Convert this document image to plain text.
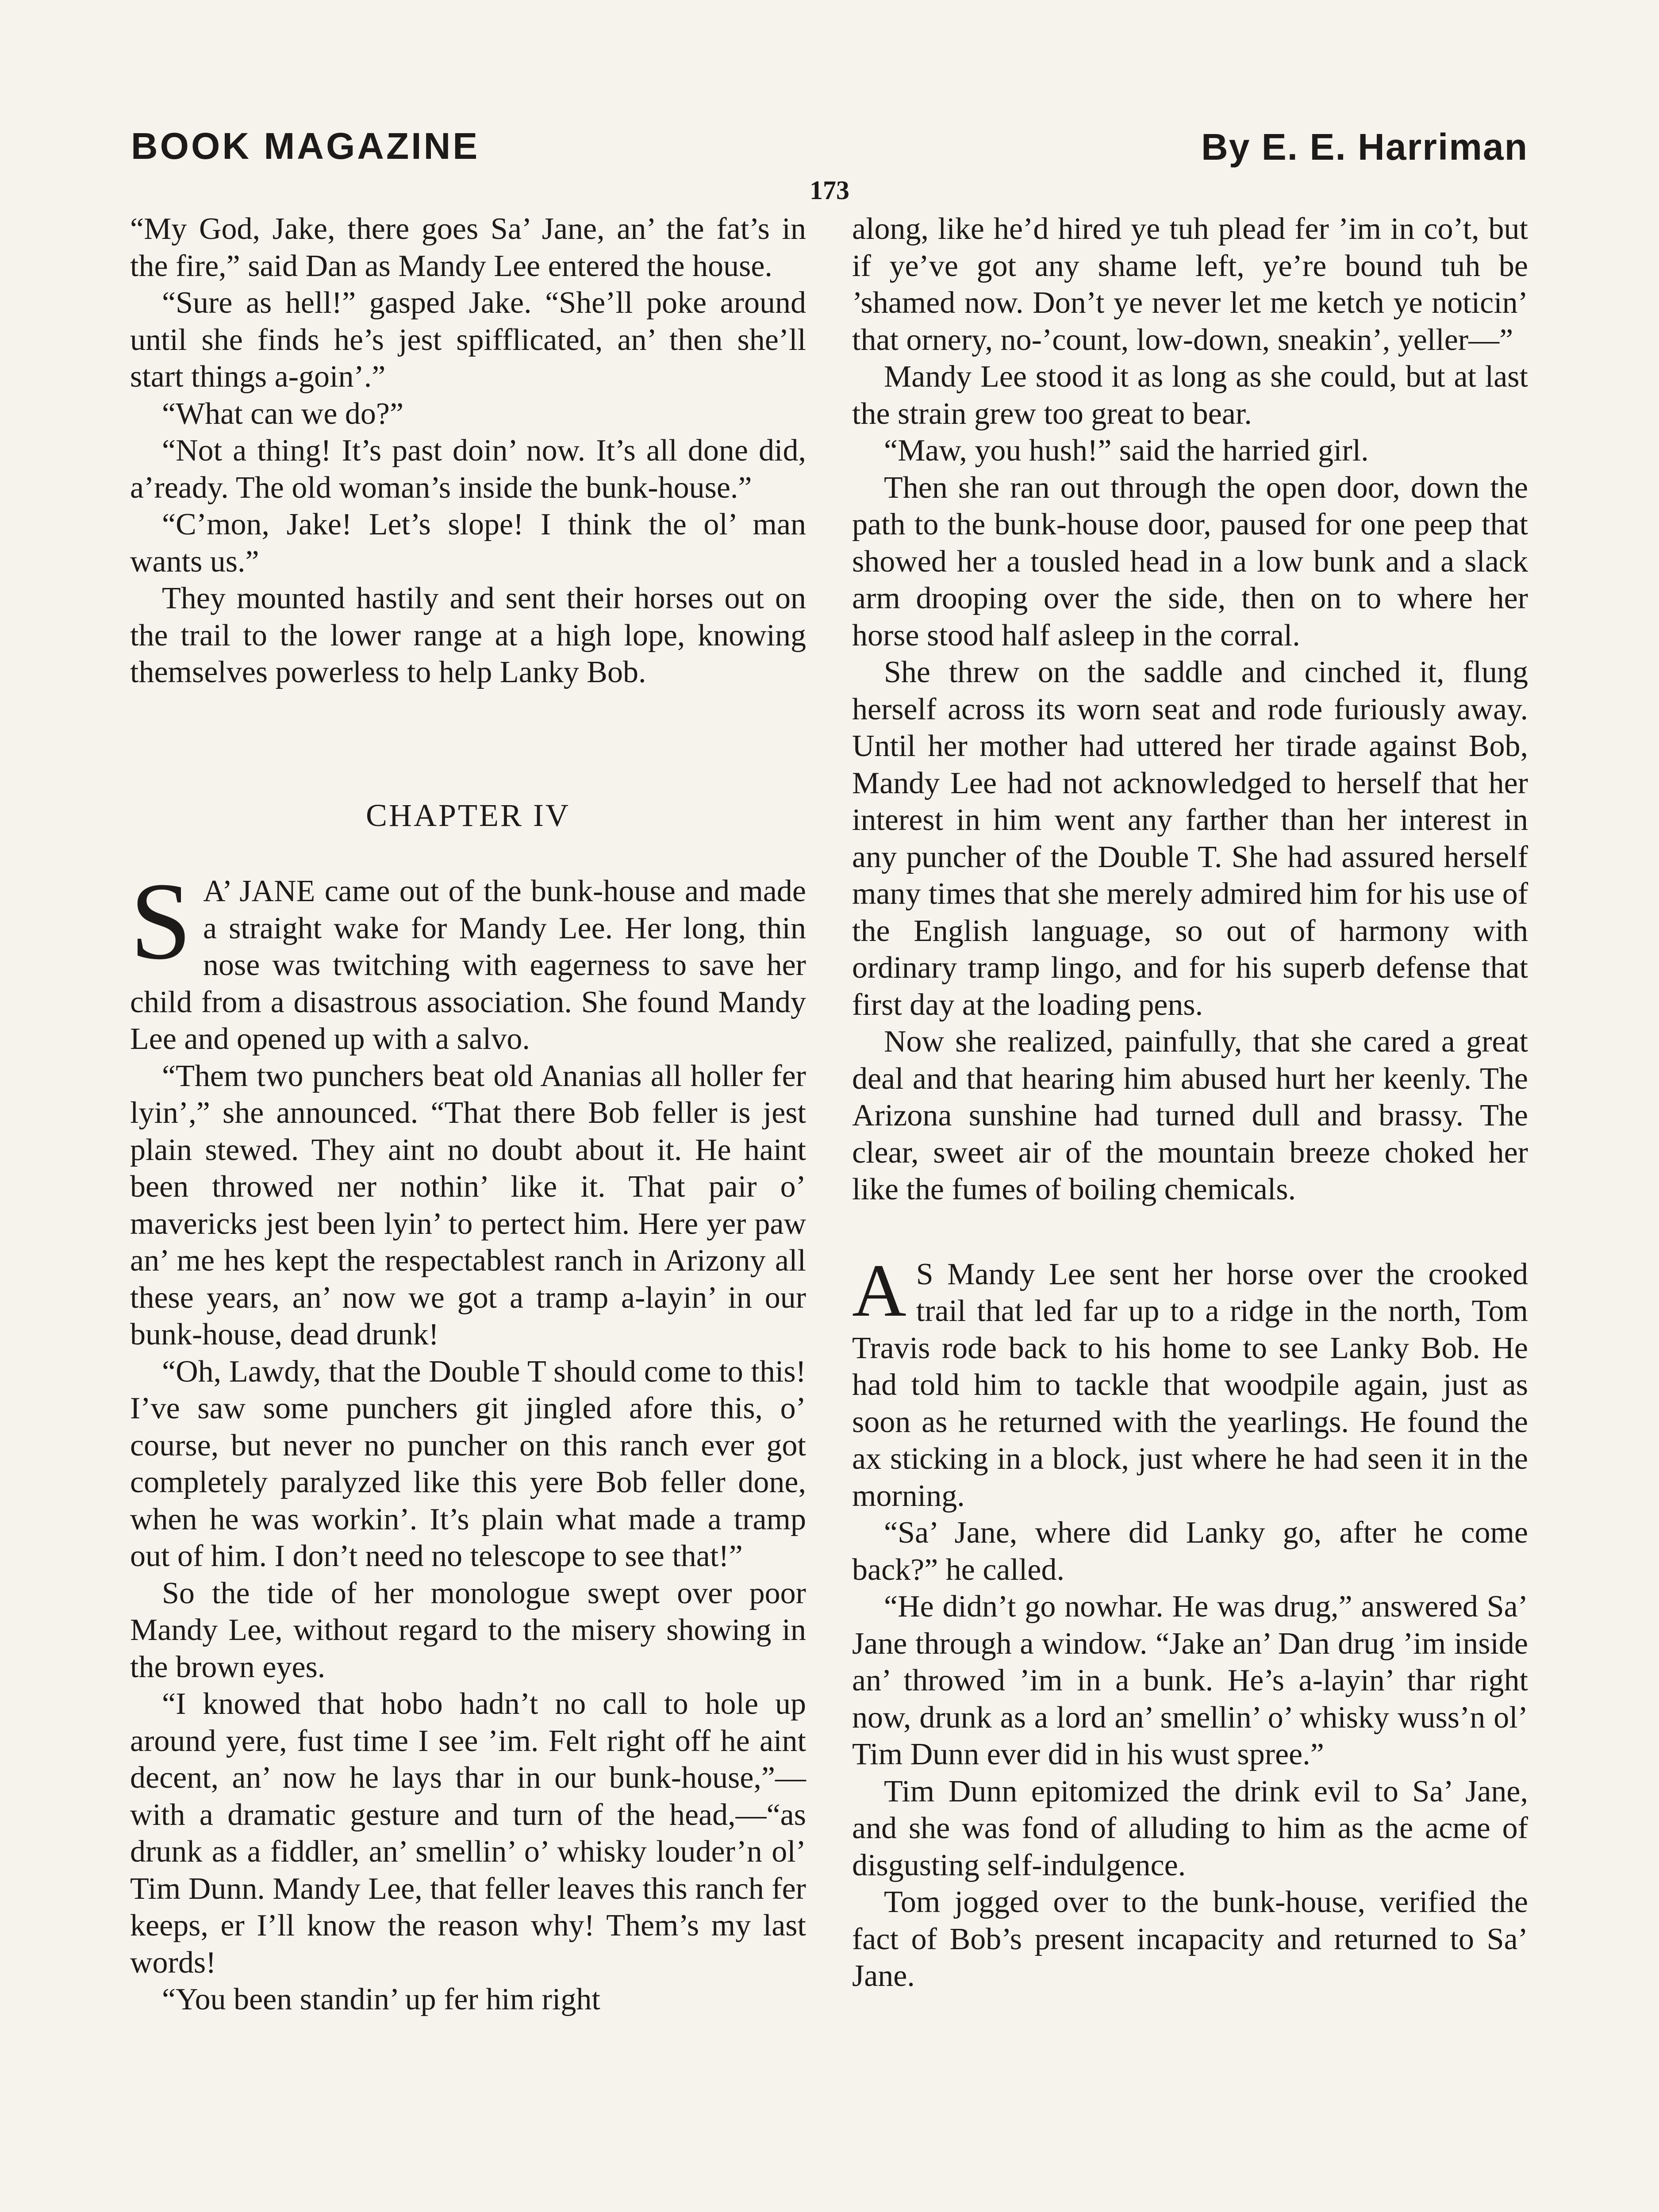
BOOK MAGAZINE	By E. E. Harriman
173

“My God, Jake, there goes Sa’ Jane, an’ the fat’s in the fire,” said Dan as Mandy Lee entered the house.

“Sure as hell!” gasped Jake. “She’ll poke around until she finds he’s jest spifflicated, an’ then she’ll start things a-goin’.”

“What can we do?”

“Not a thing! It’s past doin’ now. It’s all done did, a’ready. The old woman’s inside the bunk-house.”

“C’mon, Jake! Let’s slope! I think the ol’ man wants us.”

They mounted hastily and sent their horses out on the trail to the lower range at a high lope, knowing themselves powerless to help Lanky Bob.

CHAPTER IV

S A’ JANE came out of the bunk-house and made a straight wake for Mandy Lee. Her long, thin nose was twitching with eagerness to save her child from a disastrous association. She found Mandy Lee and opened up with a salvo.

“Them two punchers beat old Ananias all holler fer lyin’,” she announced. “That there Bob feller is jest plain stewed. They aint no doubt about it. He haint been throwed ner nothin’ like it. That pair o’ mavericks jest been lyin’ to pertect him. Here yer paw an’ me hes kept the respectablest ranch in Arizony all these years, an’ now we got a tramp a-layin’ in our bunk-house, dead drunk!

“Oh, Lawdy, that the Double T should come to this! I’ve saw some punchers git jingled afore this, o’ course, but never no puncher on this ranch ever got completely paralyzed like this yere Bob feller done, when he was workin’. It’s plain what made a tramp out of him. I don’t need no telescope to see that!”

So the tide of her monologue swept over poor Mandy Lee, without regard to the misery showing in the brown eyes.

“I knowed that hobo hadn’t no call to hole up around yere, fust time I see ’im. Felt right off he aint decent, an’ now he lays thar in our bunk-house,”—with a dramatic gesture and turn of the head,—“as drunk as a fiddler, an’ smellin’ o’ whisky louder’n ol’ Tim Dunn. Mandy Lee, that feller leaves this ranch fer keeps, er I’ll know the reason why! Them’s my last words!

“You been standin’ up fer him right

along, like he’d hired ye tuh plead fer ’im in co’t, but if ye’ve got any shame left, ye’re bound tuh be ’shamed now. Don’t ye never let me ketch ye noticin’ that ornery, no-’count, low-down, sneakin’, yeller—”

Mandy Lee stood it as long as she could, but at last the strain grew too great to bear.

“Maw, you hush!” said the harried girl.

Then she ran out through the open door, down the path to the bunk-house door, paused for one peep that showed her a tousled head in a low bunk and a slack arm drooping over the side, then on to where her horse stood half asleep in the corral.

She threw on the saddle and cinched it, flung herself across its worn seat and rode furiously away. Until her mother had uttered her tirade against Bob, Mandy Lee had not acknowledged to herself that her interest in him went any farther than her interest in any puncher of the Double T. She had assured herself many times that she merely admired him for his use of the English language, so out of harmony with ordinary tramp lingo, and for his superb defense that first day at the loading pens.

Now she realized, painfully, that she cared a great deal and that hearing him abused hurt her keenly. The Arizona sunshine had turned dull and brassy. The clear, sweet air of the mountain breeze choked her like the fumes of boiling chemicals.

A S Mandy Lee sent her horse over the crooked trail that led far up to a ridge in the north, Tom Travis rode back to his home to see Lanky Bob. He had told him to tackle that woodpile again, just as soon as he returned with the yearlings. He found the ax sticking in a block, just where he had seen it in the morning.

“Sa’ Jane, where did Lanky go, after he come back?” he called.

“He didn’t go nowhar. He was drug,” answered Sa’ Jane through a window. “Jake an’ Dan drug ’im inside an’ throwed ’im in a bunk. He’s a-layin’ thar right now, drunk as a lord an’ smellin’ o’ whisky wuss’n ol’ Tim Dunn ever did in his wust spree.”

Tim Dunn epitomized the drink evil to Sa’ Jane, and she was fond of alluding to him as the acme of disgusting self-indulgence.

Tom jogged over to the bunk-house, verified the fact of Bob’s present incapacity and returned to Sa’ Jane.
